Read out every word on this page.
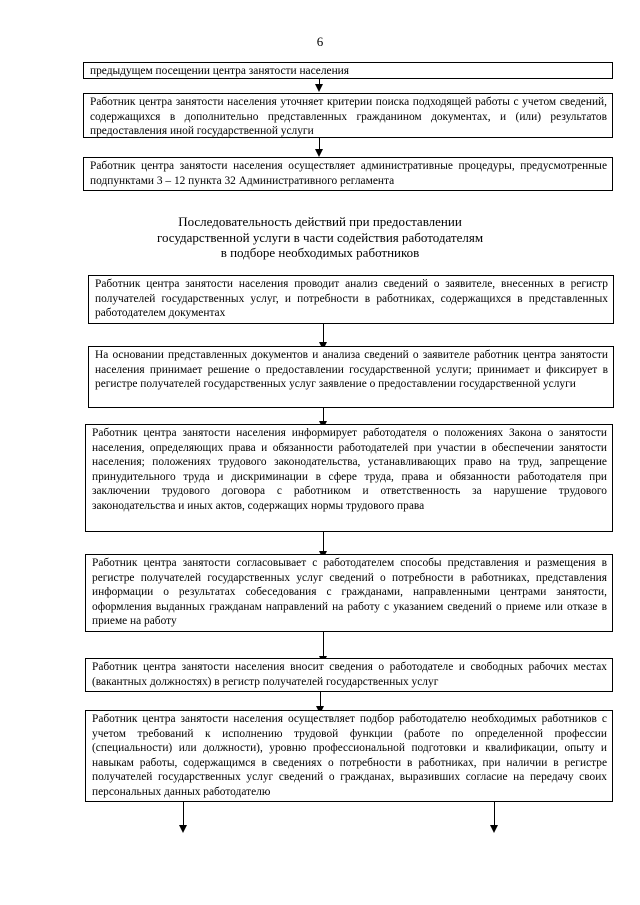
6
предыдущем посещении центра занятости населения
Работник центра занятости населения уточняет критерии поиска подходящей работы с учетом сведений, содержащихся в дополнительно представленных гражданином документах, и (или) результатов предоставления иной государственной услуги
Работник центра занятости населения осуществляет административные процедуры, предусмотренные подпунктами 3 – 12 пункта 32 Административного регламента
Последовательность действий при предоставлении
государственной услуги в части содействия работодателям
в подборе необходимых работников
Работник центра занятости населения проводит анализ сведений о заявителе, внесенных в регистр получателей государственных услуг, и потребности в работниках, содержащихся в представленных работодателем документах
На основании представленных документов и анализа сведений о заявителе работник центра занятости населения принимает решение о предоставлении государственной услуги; принимает и фиксирует в регистре получателей государственных услуг заявление о предоставлении государственной услуги
Работник центра занятости населения информирует работодателя о положениях Закона о занятости населения, определяющих права и обязанности работодателей при участии в обеспечении занятости населения; положениях трудового законодательства, устанавливающих право на труд, запрещение принудительного труда и дискриминации в сфере труда, права и обязанности работодателя при заключении трудового договора с работником и ответственность за нарушение трудового законодательства и иных актов, содержащих нормы трудового права
Работник центра занятости согласовывает с работодателем способы представления и размещения в регистре получателей государственных услуг сведений о потребности в работниках, представления информации о результатах собеседования с гражданами, направленными центрами занятости, оформления выданных гражданам направлений на работу с указанием сведений о приеме или отказе в приеме на работу
Работник центра занятости населения вносит сведения о работодателе и свободных рабочих местах (вакантных должностях) в регистр получателей государственных услуг
Работник центра занятости населения осуществляет подбор работодателю необходимых работников с учетом требований к исполнению трудовой функции (работе по определенной профессии (специальности) или должности), уровню профессиональной подготовки и квалификации, опыту и навыкам работы, содержащимся в сведениях о потребности в работниках, при наличии в регистре получателей государственных услуг сведений о гражданах, выразивших согласие на передачу своих персональных данных работодателю
